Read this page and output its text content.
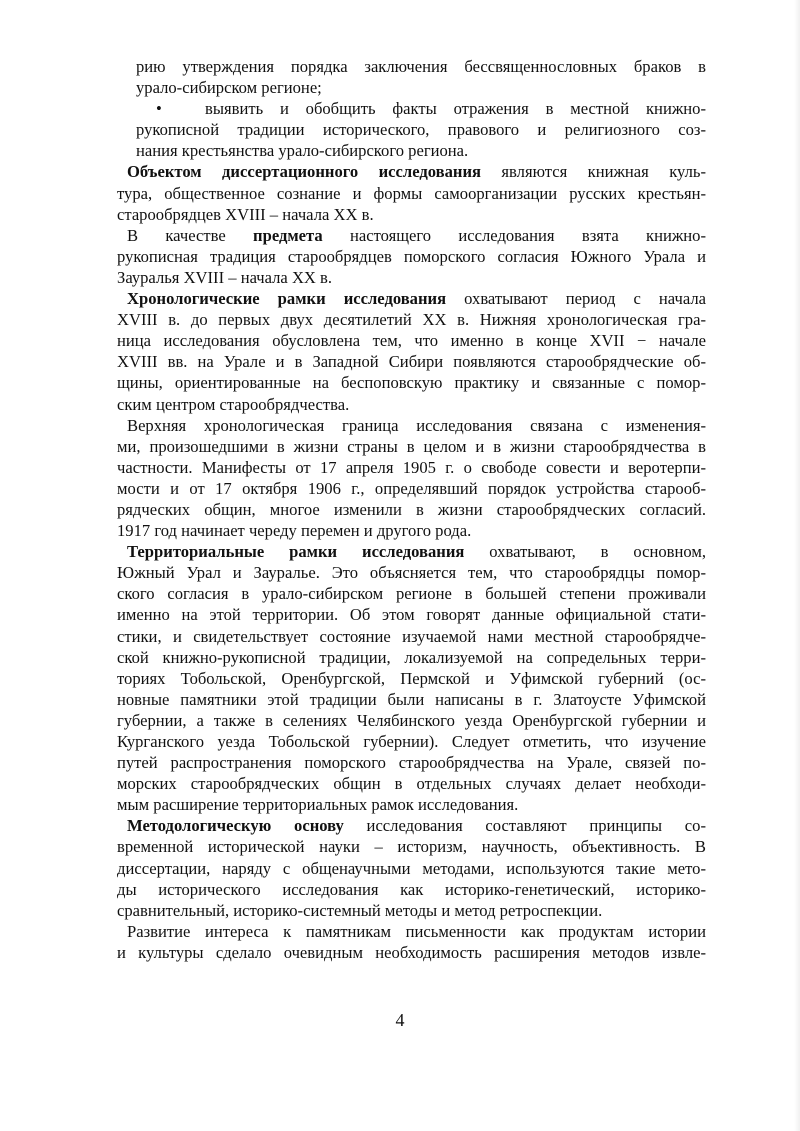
рию утверждения порядка заключения бессвященнословных браков в
урало-сибирском регионе;
•	выявить и обобщить факты отражения в местной книжно-
рукописной традиции исторического, правового и религиозного соз-
нания крестьянства урало-сибирского региона.
Объектом диссертационного исследования являются книжная куль-
тура, общественное сознание и формы самоорганизации русских крестьян-
старообрядцев XVIII – начала XX в.
В качестве предмета настоящего исследования взята книжно-
рукописная традиция старообрядцев поморского согласия Южного Урала и
Зауралья XVIII – начала XX в.
Хронологические рамки исследования охватывают период с начала
XVIII в. до первых двух десятилетий XX в. Нижняя хронологическая гра-
ница исследования обусловлена тем, что именно в конце XVII − начале
XVIII вв. на Урале и в Западной Сибири появляются старообрядческие об-
щины, ориентированные на беспоповскую практику и связанные с помор-
ским центром старообрядчества.
Верхняя хронологическая граница исследования связана с изменения-
ми, произошедшими в жизни страны в целом и в жизни старообрядчества в
частности. Манифесты от 17 апреля 1905 г. о свободе совести и верoтерпи-
мости и от 17 октября 1906 г., определявший порядок устройства старооб-
рядческих общин, многое изменили в жизни старообрядческих согласий.
1917 год начинает череду перемен и другого рода.
Территориальные рамки исследования охватывают, в основном,
Южный Урал и Зауралье. Это объясняется тем, что старообрядцы помор-
ского согласия в урало-сибирском регионе в большей степени проживали
именно на этой территории. Об этом говорят данные официальной стати-
стики, и свидетельствует состояние изучаемой нами местной старообрядче-
ской книжно-рукописной традиции, локализуемой на сопредельных терри-
ториях Тобольской, Оренбургской, Пермской и Уфимской губерний (ос-
новные памятники этой традиции были написаны в г. Златоусте Уфимской
губернии, а также в селениях Челябинского уезда Оренбургской губернии и
Курганского уезда Тобольской губернии). Следует отметить, что изучение
путей распространения поморского старообрядчества на Урале, связей по-
морских старообрядческих общин в отдельных случаях делает необходи-
мым расширение территориальных рамок исследования.
Методологическую основу исследования составляют принципы со-
временной исторической науки – историзм, научность, объективность. В
диссертации, наряду с общенаучными методами, используются такие мето-
ды исторического исследования как историко-генетический, историко-
сравнительный, историко-системный методы и метод ретроспекции.
Развитие интереса к памятникам письменности как продуктам истории
и культуры сделало очевидным необходимость расширения методов извле-
4
